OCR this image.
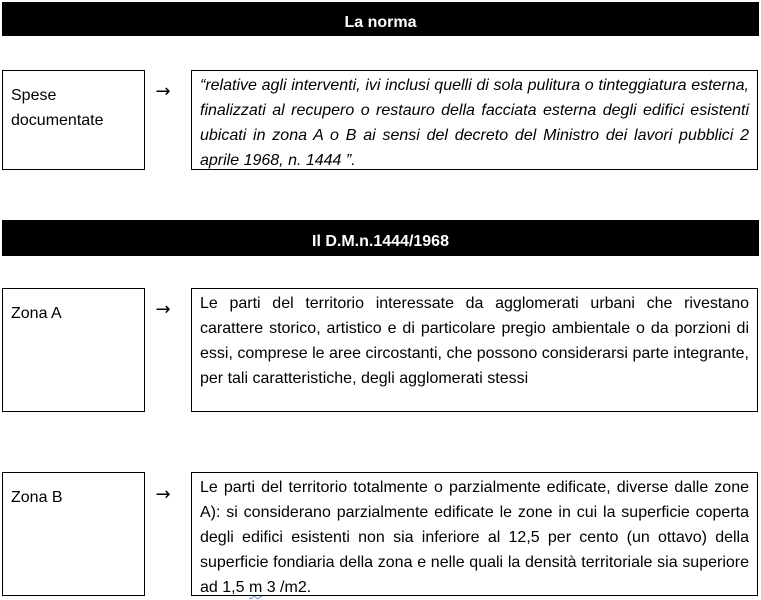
La norma
Spese documentate
→ “relative agli interventi, ivi inclusi quelli di sola pulitura o tinteggiatura esterna, finalizzati al recupero o restauro della facciata esterna degli edifici esistenti ubicati in zona A o B ai sensi del decreto del Ministro dei lavori pubblici 2 aprile 1968, n. 1444 ”.

Il D.M.n.1444/1968
Zona A	→ Le parti del territorio interessate da agglomerati urbani che rivestano carattere storico, artistico e di particolare pregio ambientale o da porzioni di essi, comprese le aree circostanti, che possono considerarsi parte integrante, per tali caratteristiche, degli agglomerati stessi

Zona B	→ Le parti del territorio totalmente o parzialmente edificate, diverse dalle zone A): si considerano parzialmente edificate le zone in cui la superficie coperta degli edifici esistenti non sia inferiore al 12,5 per cento (un ottavo) della superficie fondiaria della zona e nelle quali la densità territoriale sia superiore ad 1,5 m 3 /m2.
